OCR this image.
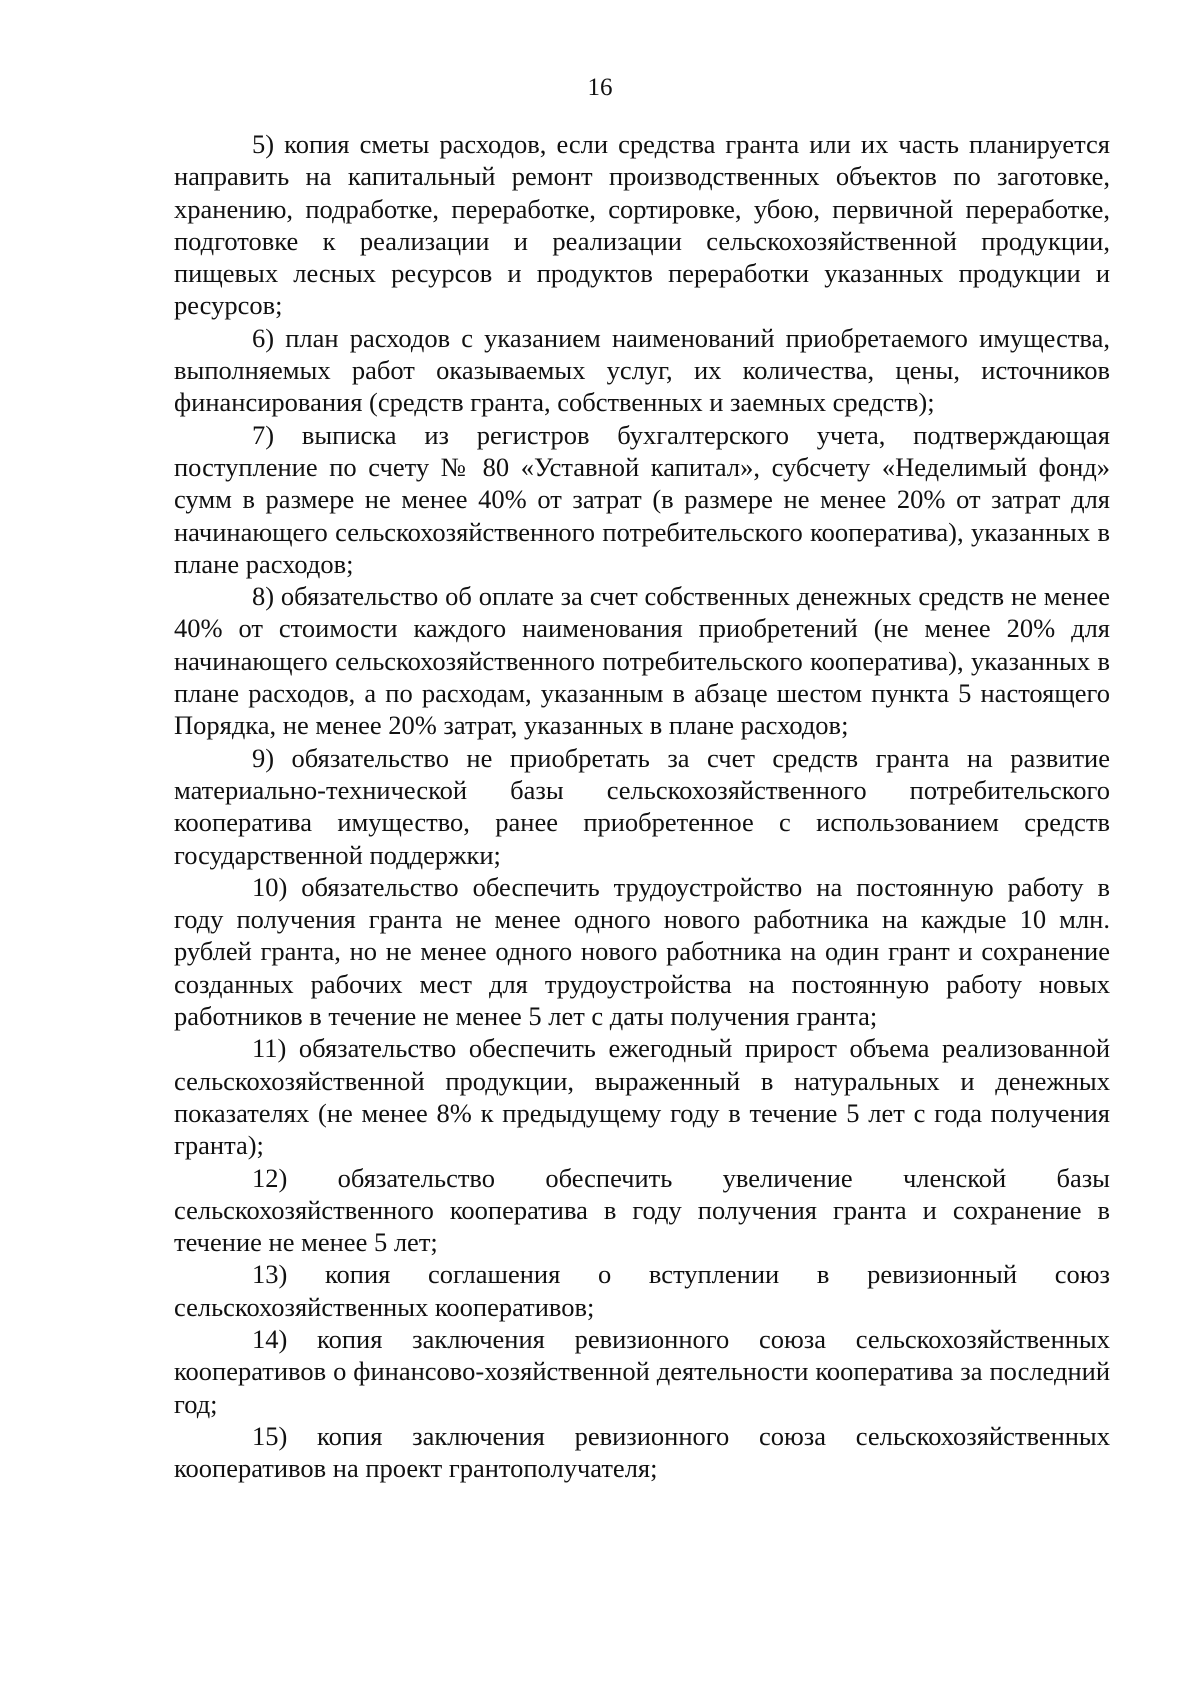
16

5) копия сметы расходов, если средства гранта или их часть планируется направить на капитальный ремонт производственных объектов по заготовке, хранению, подработке, переработке, сортировке, убою, первичной переработке, подготовке к реализации и реализации сельскохозяйственной продукции, пищевых лесных ресурсов и продуктов переработки указанных продукции и ресурсов;

6) план расходов с указанием наименований приобретаемого имущества, выполняемых работ оказываемых услуг, их количества, цены, источников финансирования (средств гранта, собственных и заемных средств);

7) выписка из регистров бухгалтерского учета, подтверждающая поступление по счету № 80 «Уставной капитал», субсчету «Неделимый фонд» сумм в размере не менее 40% от затрат (в размере не менее 20% от затрат для начинающего сельскохозяйственного потребительского кооператива), указанных в плане расходов;

8) обязательство об оплате за счет собственных денежных средств не менее 40% от стоимости каждого наименования приобретений (не менее 20% для начинающего сельскохозяйственного потребительского кооператива), указанных в плане расходов, а по расходам, указанным в абзаце шестом пункта 5 настоящего Порядка, не менее 20% затрат, указанных в плане расходов;

9) обязательство не приобретать за счет средств гранта на развитие материально-технической базы сельскохозяйственного потребительского кооператива имущество, ранее приобретенное с использованием средств государственной поддержки;

10) обязательство обеспечить трудоустройство на постоянную работу в году получения гранта не менее одного нового работника на каждые 10 млн. рублей гранта, но не менее одного нового работника на один грант и сохранение созданных рабочих мест для трудоустройства на постоянную работу новых работников в течение не менее 5 лет с даты получения гранта;

11) обязательство обеспечить ежегодный прирост объема реализованной сельскохозяйственной продукции, выраженный в натуральных и денежных показателях (не менее 8% к предыдущему году в течение 5 лет с года получения гранта);

12) обязательство обеспечить увеличение членской базы сельскохозяйственного кооператива в году получения гранта и сохранение в течение не менее 5 лет;

13) копия соглашения о вступлении в ревизионный союз сельскохозяйственных кооперативов;

14) копия заключения ревизионного союза сельскохозяйственных кооперативов о финансово-хозяйственной деятельности кооператива за последний год;

15) копия заключения ревизионного союза сельскохозяйственных кооперативов на проект грантополучателя;
